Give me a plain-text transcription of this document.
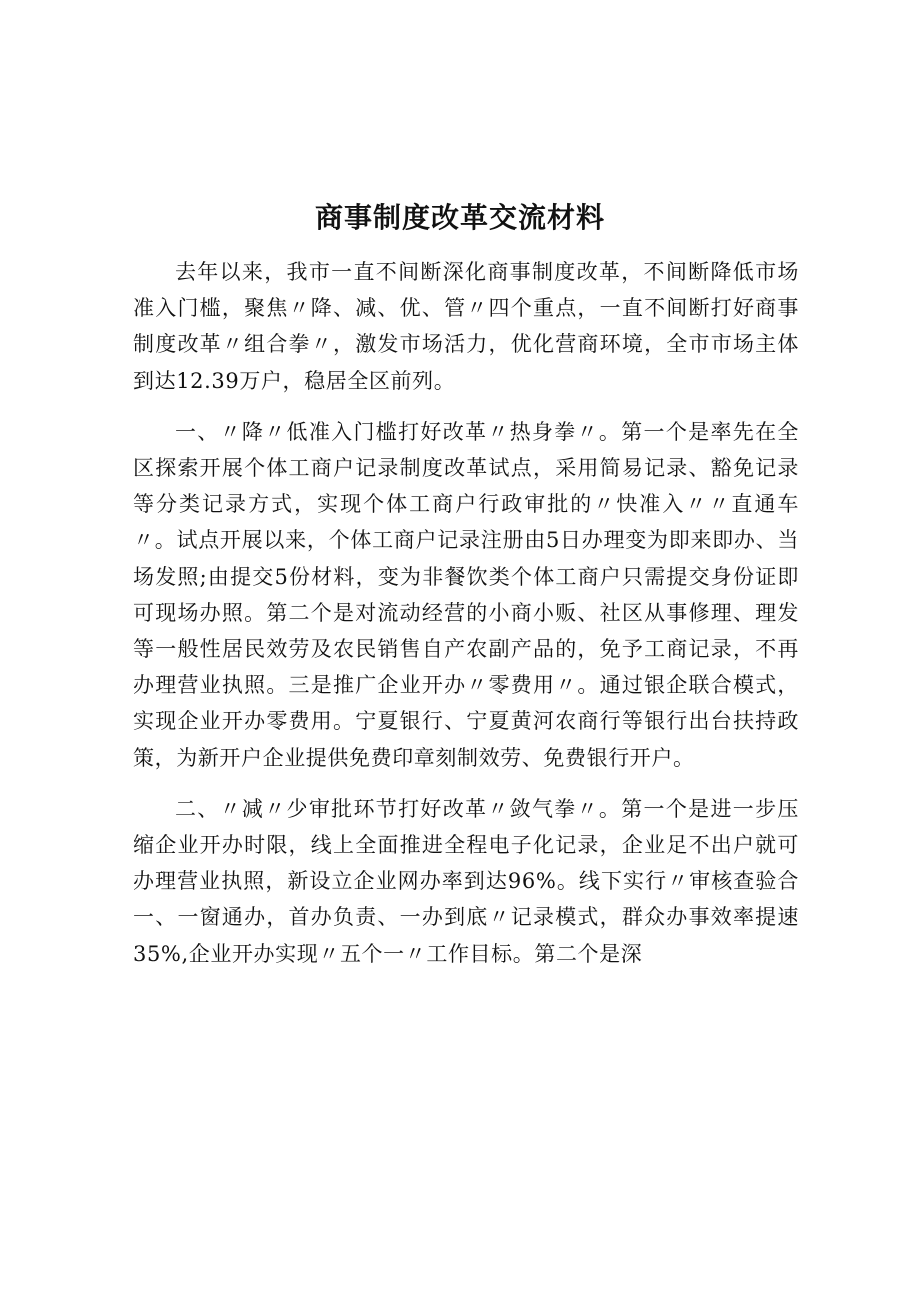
商事制度改革交流材料

去年以来，我市一直不间断深化商事制度改革，不间断降低市场准入门槛，聚焦〃降、减、优、管〃四个重点，一直不间断打好商事制度改革〃组合拳〃，激发市场活力，优化营商环境，全市市场主体到达12.39万户，稳居全区前列。

一、〃降〃低准入门槛打好改革〃热身拳〃。第一个是率先在全区探索开展个体工商户记录制度改革试点，采用简易记录、豁免记录等分类记录方式，实现个体工商户行政审批的〃快准入〃〃直通车〃。试点开展以来，个体工商户记录注册由5日办理变为即来即办、当场发照;由提交5份材料，变为非餐饮类个体工商户只需提交身份证即可现场办照。第二个是对流动经营的小商小贩、社区从事修理、理发等一般性居民效劳及农民销售自产农副产品的，免予工商记录，不再办理营业执照。三是推广企业开办〃零费用〃。通过银企联合模式，实现企业开办零费用。宁夏银行、宁夏黄河农商行等银行出台扶持政策，为新开户企业提供免费印章刻制效劳、免费银行开户。

二、〃减〃少审批环节打好改革〃敛气拳〃。第一个是进一步压缩企业开办时限，线上全面推进全程电子化记录，企业足不出户就可办理营业执照，新设立企业网办率到达96%。线下实行〃审核查验合一、一窗通办，首办负责、一办到底〃记录模式，群众办事效率提速35%,企业开办实现〃五个一〃工作目标。第二个是深
